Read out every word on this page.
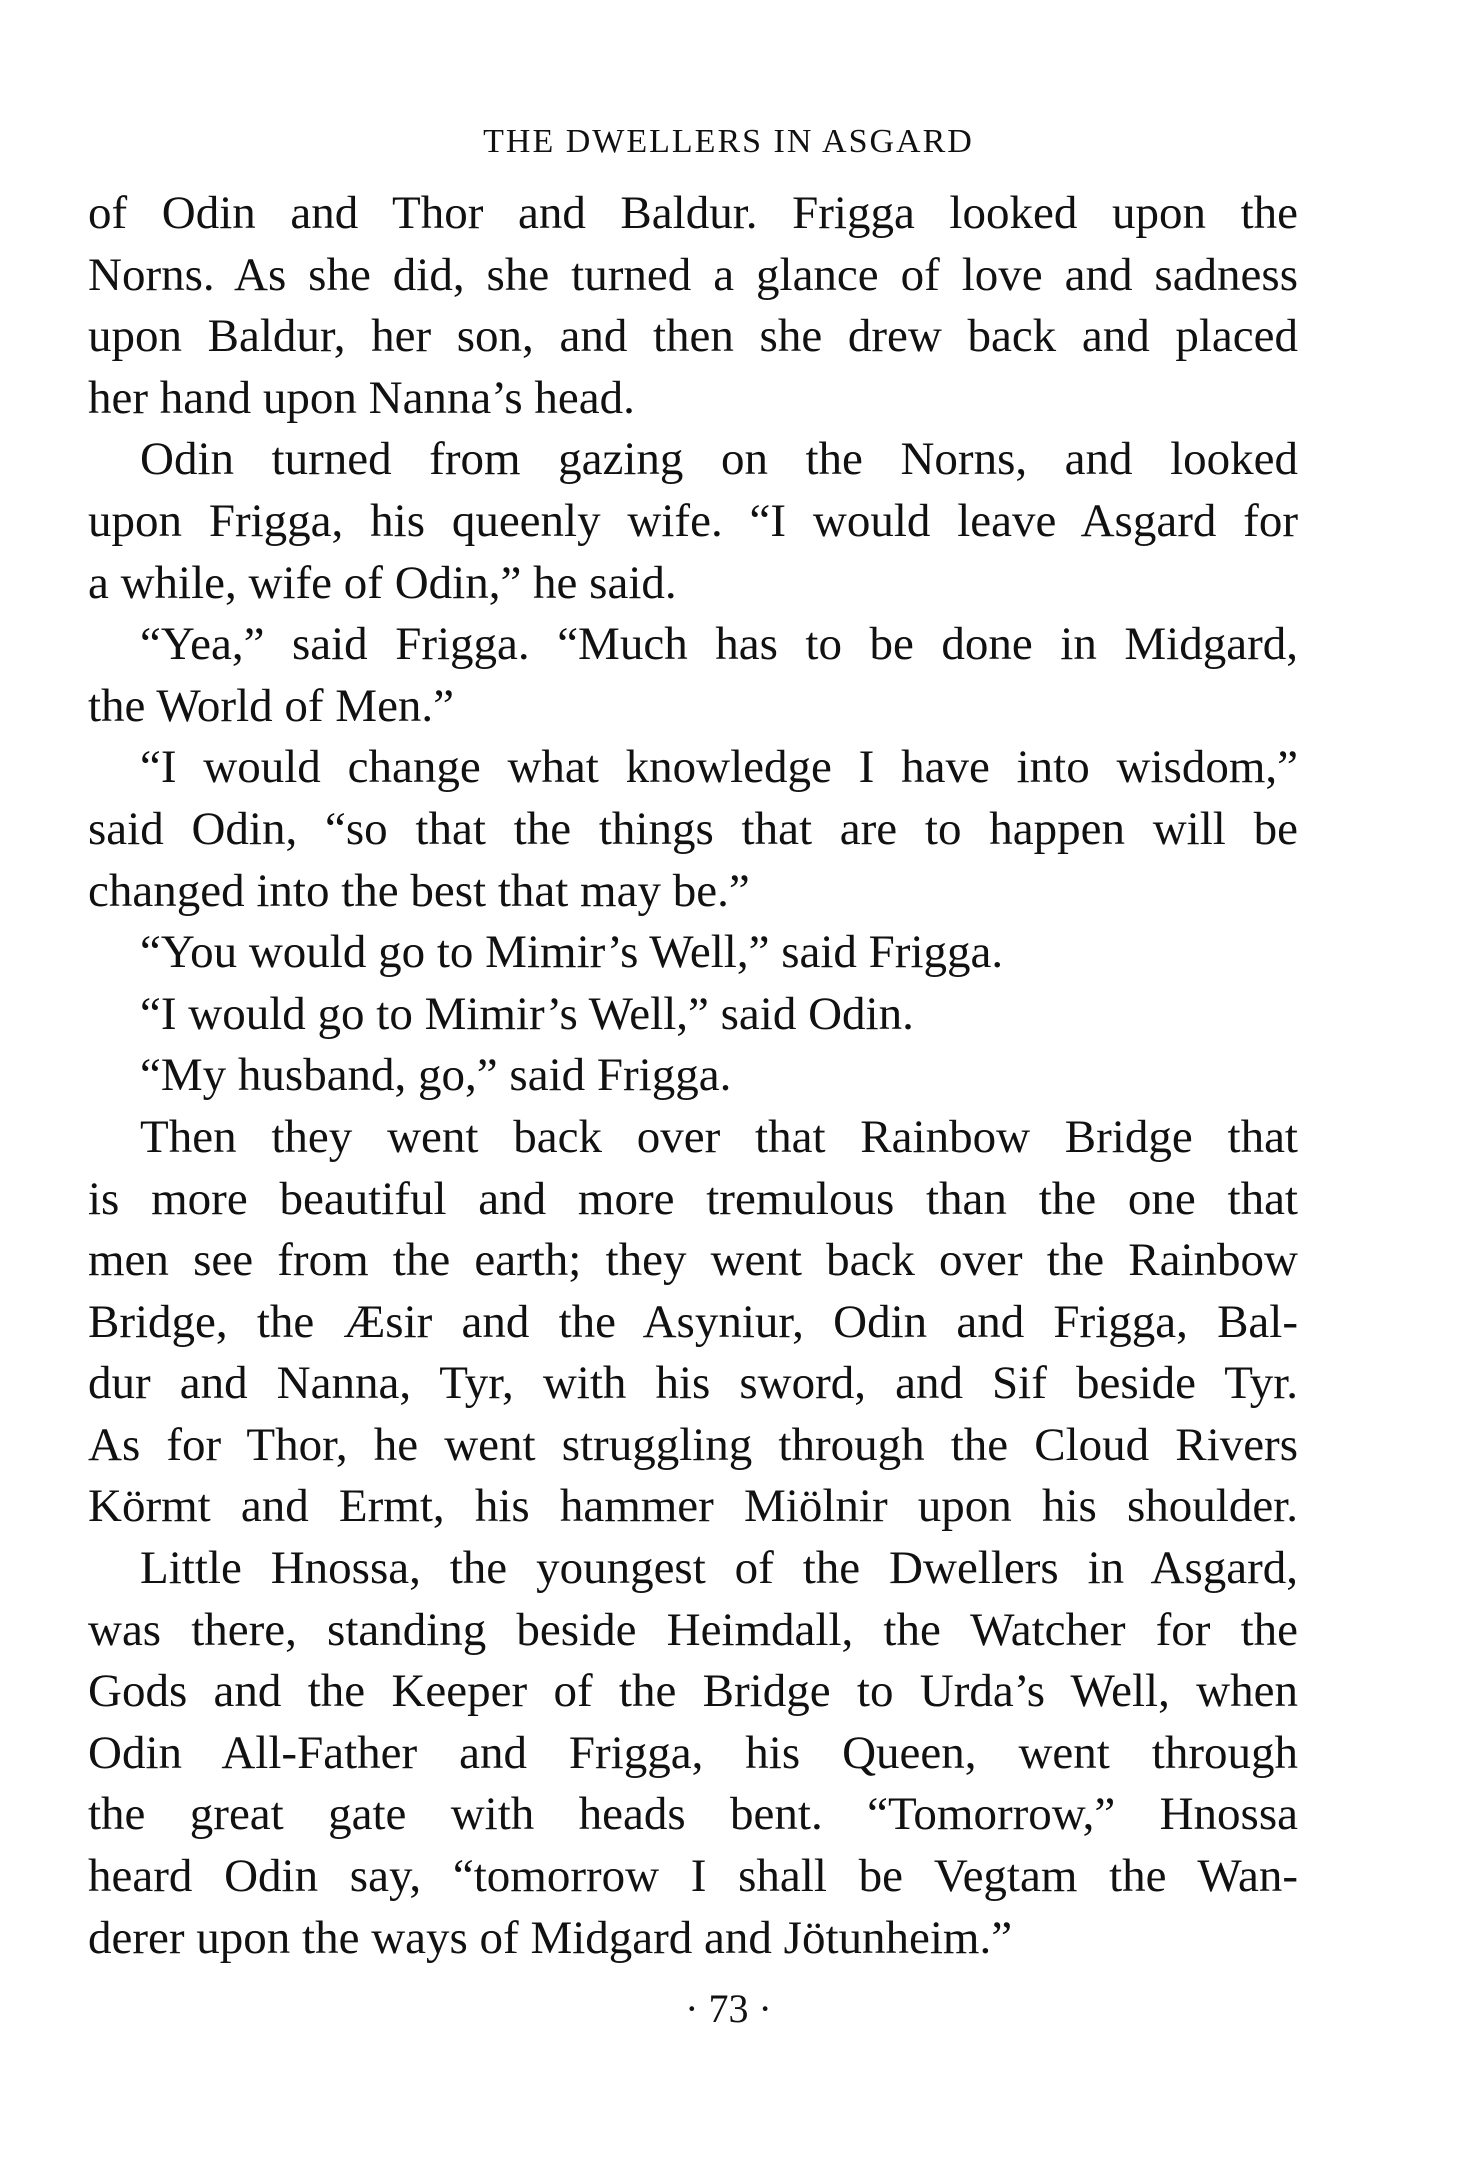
THE DWELLERS IN ASGARD
of Odin and Thor and Baldur. Frigga looked upon the
Norns. As she did, she turned a glance of love and sadness
upon Baldur, her son, and then she drew back and placed
her hand upon Nanna’s head.
Odin turned from gazing on the Norns, and looked
upon Frigga, his queenly wife. “I would leave Asgard for
a while, wife of Odin,” he said.
“Yea,” said Frigga. “Much has to be done in Midgard,
the World of Men.”
“I would change what knowledge I have into wisdom,”
said Odin, “so that the things that are to happen will be
changed into the best that may be.”
“You would go to Mimir’s Well,” said Frigga.
“I would go to Mimir’s Well,” said Odin.
“My husband, go,” said Frigga.
Then they went back over that Rainbow Bridge that
is more beautiful and more tremulous than the one that
men see from the earth; they went back over the Rainbow
Bridge, the Æsir and the Asyniur, Odin and Frigga, Bal-
dur and Nanna, Tyr, with his sword, and Sif beside Tyr.
As for Thor, he went struggling through the Cloud Rivers
Körmt and Ermt, his hammer Miölnir upon his shoulder.
Little Hnossa, the youngest of the Dwellers in Asgard,
was there, standing beside Heimdall, the Watcher for the
Gods and the Keeper of the Bridge to Urda’s Well, when
Odin All-Father and Frigga, his Queen, went through
the great gate with heads bent. “Tomorrow,” Hnossa
heard Odin say, “tomorrow I shall be Vegtam the Wan-
derer upon the ways of Midgard and Jötunheim.”
· 73 ·
